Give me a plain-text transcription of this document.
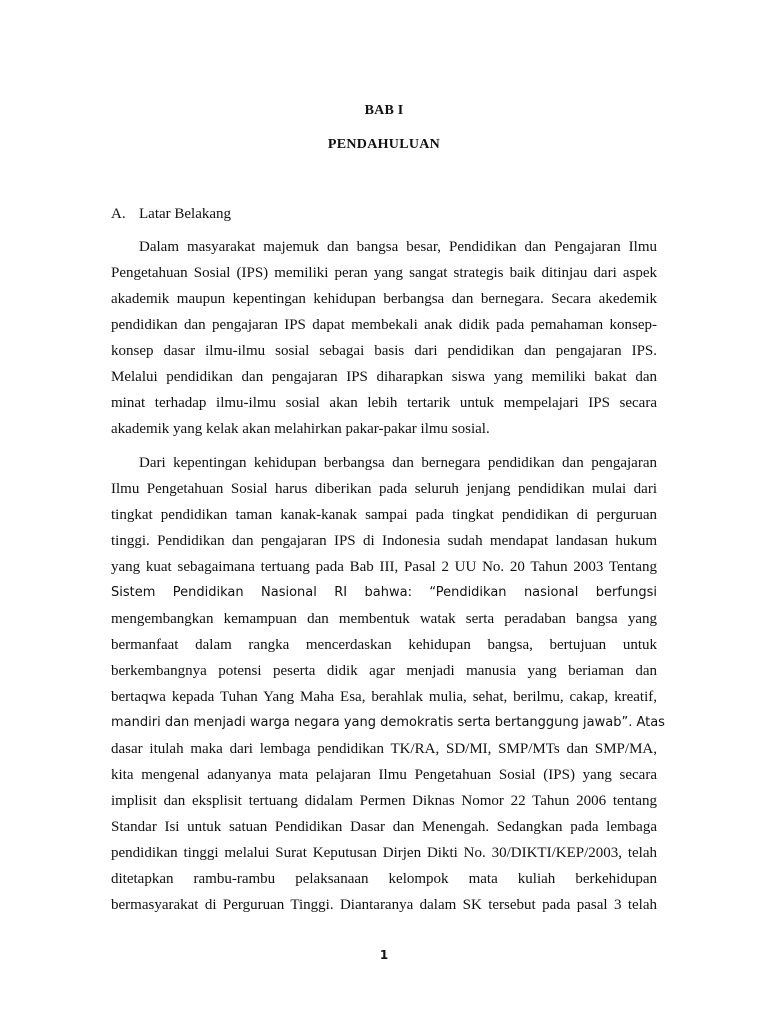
BAB I
PENDAHULUAN
A. Latar Belakang
Dalam masyarakat majemuk dan bangsa besar, Pendidikan dan Pengajaran Ilmu
Pengetahuan Sosial (IPS) memiliki peran yang sangat strategis baik ditinjau dari aspek
akademik maupun kepentingan kehidupan berbangsa dan bernegara. Secara akedemik
pendidikan dan pengajaran IPS dapat membekali anak didik pada pemahaman konsep-
konsep dasar ilmu-ilmu sosial sebagai basis dari pendidikan dan pengajaran IPS.
Melalui pendidikan dan pengajaran IPS diharapkan siswa yang memiliki bakat dan
minat terhadap ilmu-ilmu sosial akan lebih tertarik untuk mempelajari IPS secara
akademik yang kelak akan melahirkan pakar-pakar ilmu sosial.
Dari kepentingan kehidupan berbangsa dan bernegara pendidikan dan pengajaran
Ilmu Pengetahuan Sosial harus diberikan pada seluruh jenjang pendidikan mulai dari
tingkat pendidikan taman kanak-kanak sampai pada tingkat pendidikan di perguruan
tinggi. Pendidikan dan pengajaran IPS di Indonesia sudah mendapat landasan hukum
yang kuat sebagaimana tertuang pada Bab III, Pasal 2 UU No. 20 Tahun 2003 Tentang
Sistem Pendidikan Nasional RI bahwa: “Pendidikan nasional berfungsi
mengembangkan kemampuan dan membentuk watak serta peradaban bangsa yang
bermanfaat dalam rangka mencerdaskan kehidupan bangsa, bertujuan untuk
berkembangnya potensi peserta didik agar menjadi manusia yang beriaman dan
bertaqwa kepada Tuhan Yang Maha Esa, berahlak mulia, sehat, berilmu, cakap, kreatif,
mandiri dan menjadi warga negara yang demokratis serta bertanggung jawab”. Atas
dasar itulah maka dari lembaga pendidikan TK/RA, SD/MI, SMP/MTs dan SMP/MA,
kita mengenal adanyanya mata pelajaran Ilmu Pengetahuan Sosial (IPS) yang secara
implisit dan eksplisit tertuang didalam Permen Diknas Nomor 22 Tahun 2006 tentang
Standar Isi untuk satuan Pendidikan Dasar dan Menengah. Sedangkan pada lembaga
pendidikan tinggi melalui Surat Keputusan Dirjen Dikti No. 30/DIKTI/KEP/2003, telah
ditetapkan rambu-rambu pelaksanaan kelompok mata kuliah berkehidupan
bermasyarakat di Perguruan Tinggi. Diantaranya dalam SK tersebut pada pasal 3 telah
1
